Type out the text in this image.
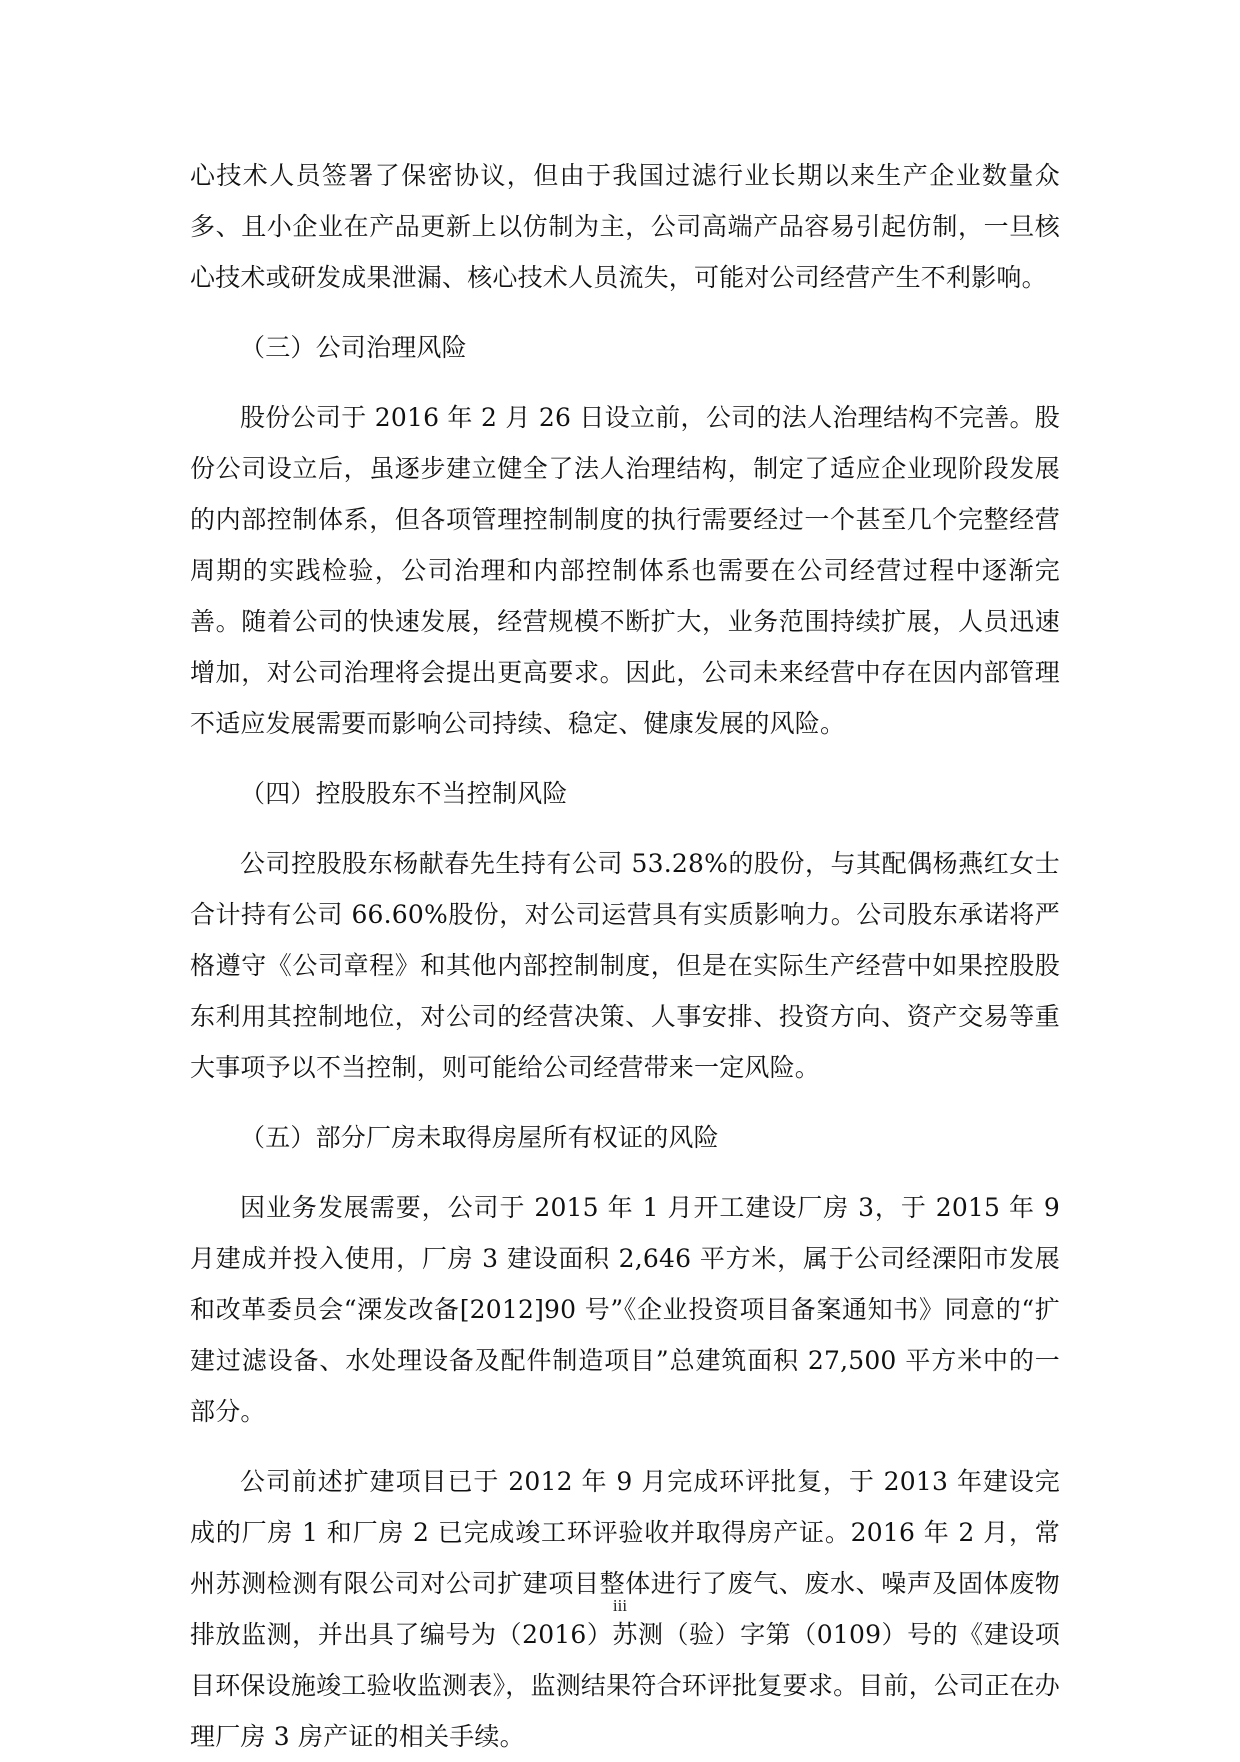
心技术人员签署了保密协议，但由于我国过滤行业长期以来生产企业数量众多、且小企业在产品更新上以仿制为主，公司高端产品容易引起仿制，一旦核心技术或研发成果泄漏、核心技术人员流失，可能对公司经营产生不利影响。

（三）公司治理风险

股份公司于 2016 年 2 月 26 日设立前，公司的法人治理结构不完善。股份公司设立后，虽逐步建立健全了法人治理结构，制定了适应企业现阶段发展的内部控制体系，但各项管理控制制度的执行需要经过一个甚至几个完整经营周期的实践检验，公司治理和内部控制体系也需要在公司经营过程中逐渐完善。随着公司的快速发展，经营规模不断扩大，业务范围持续扩展，人员迅速增加，对公司治理将会提出更高要求。因此，公司未来经营中存在因内部管理不适应发展需要而影响公司持续、稳定、健康发展的风险。

（四）控股股东不当控制风险

公司控股股东杨献春先生持有公司 53.28%的股份，与其配偶杨燕红女士合计持有公司 66.60%股份，对公司运营具有实质影响力。公司股东承诺将严格遵守《公司章程》和其他内部控制制度，但是在实际生产经营中如果控股股东利用其控制地位，对公司的经营决策、人事安排、投资方向、资产交易等重大事项予以不当控制，则可能给公司经营带来一定风险。

（五）部分厂房未取得房屋所有权证的风险

因业务发展需要，公司于 2015 年 1 月开工建设厂房 3，于 2015 年 9 月建成并投入使用，厂房 3 建设面积 2,646 平方米，属于公司经溧阳市发展和改革委员会“溧发改备[2012]90 号”《企业投资项目备案通知书》同意的“扩建过滤设备、水处理设备及配件制造项目”总建筑面积 27,500 平方米中的一部分。

公司前述扩建项目已于 2012 年 9 月完成环评批复，于 2013 年建设完成的厂房 1 和厂房 2 已完成竣工环评验收并取得房产证。2016 年 2 月，常州苏测检测有限公司对公司扩建项目整体进行了废气、废水、噪声及固体废物排放监测，并出具了编号为（2016）苏测（验）字第（0109）号的《建设项目环保设施竣工验收监测表》，监测结果符合环评批复要求。目前，公司正在办理厂房 3 房产证的相关手续。

iii
